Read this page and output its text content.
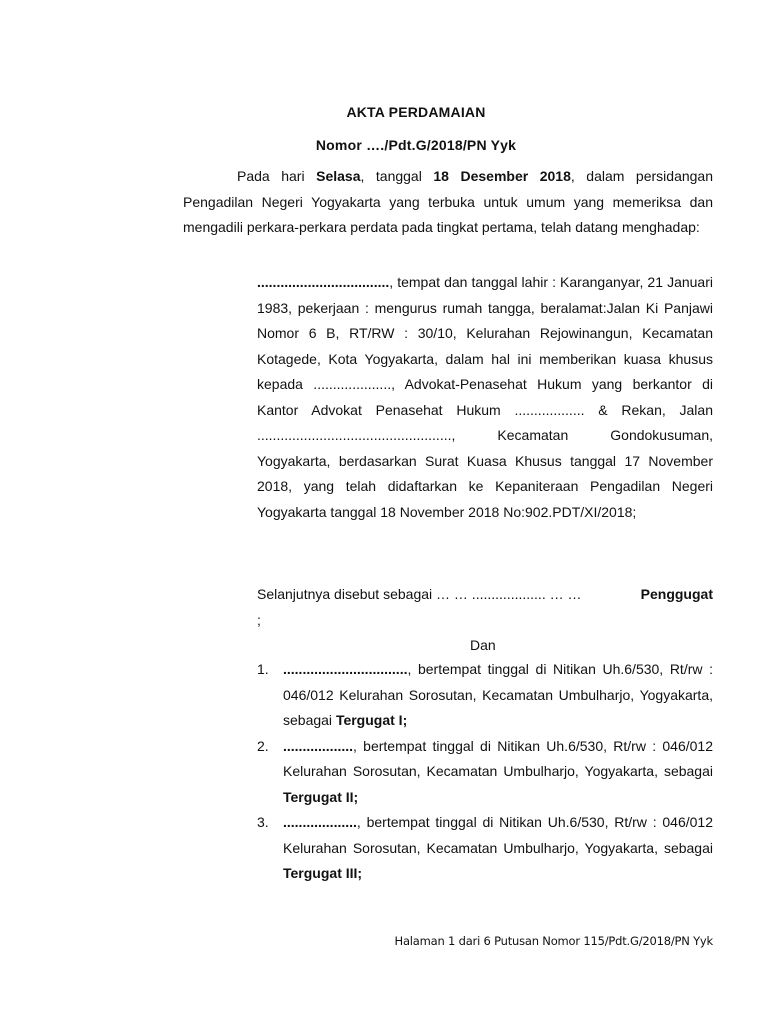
AKTA PERDAMAIAN
Nomor …./Pdt.G/2018/PN Yyk
Pada hari Selasa, tanggal 18 Desember 2018, dalam persidangan Pengadilan Negeri Yogyakarta yang terbuka untuk umum yang memeriksa dan mengadili perkara-perkara perdata pada tingkat pertama, telah datang menghadap:
.................................., tempat dan tanggal lahir : Karanganyar, 21 Januari 1983, pekerjaan : mengurus rumah tangga, beralamat:Jalan Ki Panjawi Nomor 6 B, RT/RW : 30/10, Kelurahan Rejowinangun, Kecamatan Kotagede, Kota Yogyakarta, dalam hal ini memberikan kuasa khusus kepada ...................., Advokat-Penasehat Hukum yang berkantor di Kantor Advokat Penasehat Hukum .................. & Rekan, Jalan .................................................., Kecamatan Gondokusuman, Yogyakarta, berdasarkan Surat Kuasa Khusus tanggal 17 November 2018, yang telah didaftarkan ke Kepaniteraan Pengadilan Negeri Yogyakarta tanggal 18 November 2018 No:902.PDT/XI/2018;
Penggugat
Selanjutnya disebut sebagai … … ................... … …
;
Dan
1. ................................, bertempat tinggal di Nitikan Uh.6/530, Rt/rw : 046/012 Kelurahan Sorosutan, Kecamatan Umbulharjo, Yogyakarta, sebagai Tergugat I;
2. .................., bertempat tinggal di Nitikan Uh.6/530, Rt/rw : 046/012 Kelurahan Sorosutan, Kecamatan Umbulharjo, Yogyakarta, sebagai Tergugat II;
3. ..................., bertempat tinggal di Nitikan Uh.6/530, Rt/rw : 046/012 Kelurahan Sorosutan, Kecamatan Umbulharjo, Yogyakarta, sebagai Tergugat III;
Halaman 1 dari 6 Putusan Nomor 115/Pdt.G/2018/PN Yyk
